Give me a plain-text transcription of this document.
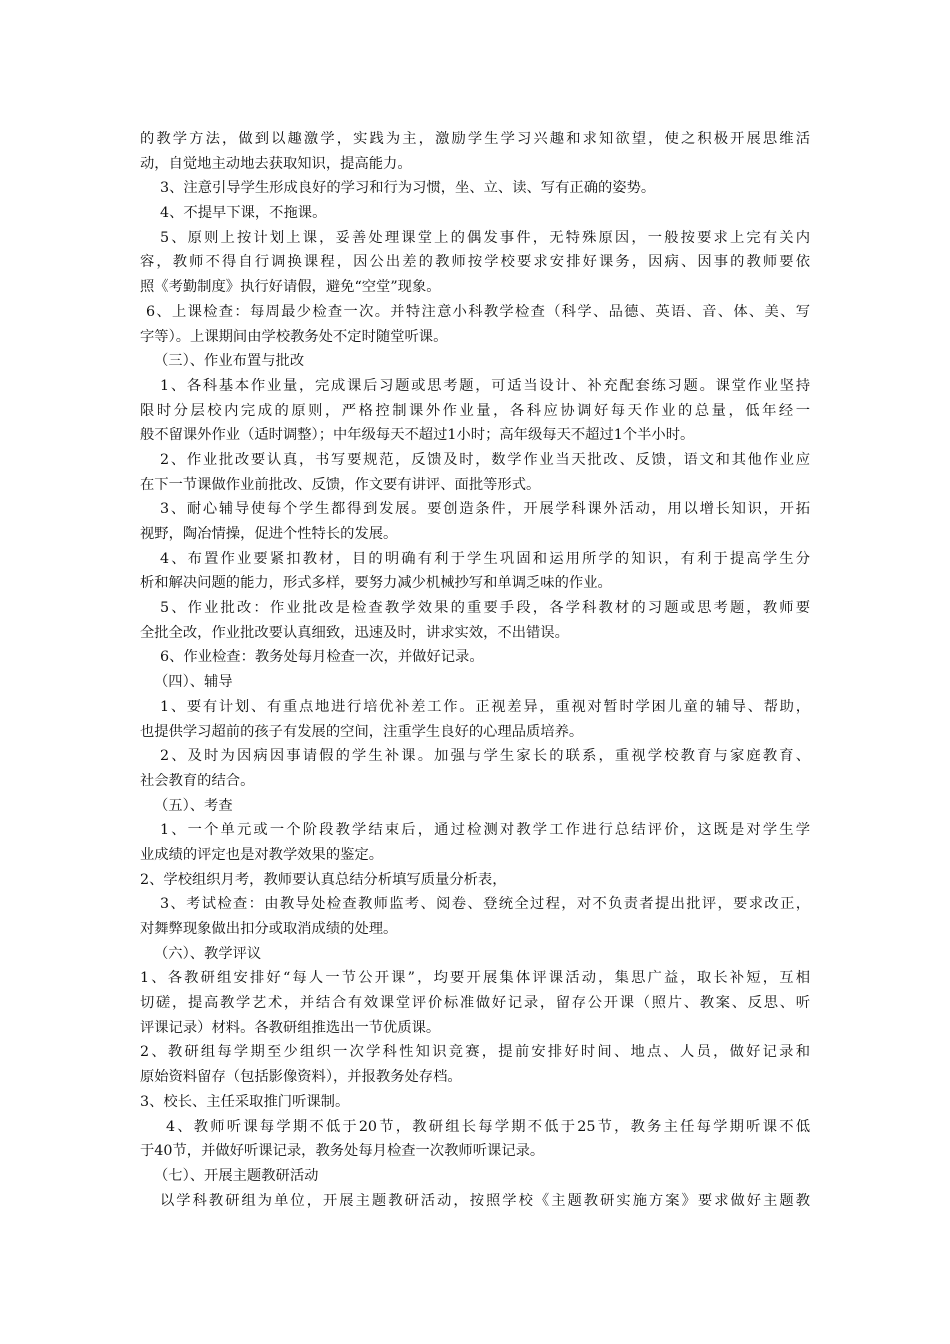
的教学方法，做到以趣激学，实践为主，激励学生学习兴趣和求知欲望，使之积极开展思维活
动，自觉地主动地去获取知识，提高能力。
3、注意引导学生形成良好的学习和行为习惯，坐、立、读、写有正确的姿势。
4、不提早下课，不拖课。
5、原则上按计划上课，妥善处理课堂上的偶发事件，无特殊原因，一般按要求上完有关内
容，教师不得自行调换课程，因公出差的教师按学校要求安排好课务，因病、因事的教师要依
照《考勤制度》执行好请假，避免“空堂”现象。
6、上课检查：每周最少检查一次。并特注意小科教学检查（科学、品德、英语、音、体、美、写
字等）。上课期间由学校教务处不定时随堂听课。
（三）、作业布置与批改
1、各科基本作业量，完成课后习题或思考题，可适当设计、补充配套练习题。课堂作业坚持
限时分层校内完成的原则，严格控制课外作业量，各科应协调好每天作业的总量，低年经一
般不留课外作业（适时调整）；中年级每天不超过1小时；高年级每天不超过1个半小时。
2、作业批改要认真，书写要规范，反馈及时，数学作业当天批改、反馈，语文和其他作业应
在下一节课做作业前批改、反馈，作文要有讲评、面批等形式。
3、耐心辅导使每个学生都得到发展。要创造条件，开展学科课外活动，用以增长知识，开拓
视野，陶冶情操，促进个性特长的发展。
4、布置作业要紧扣教材，目的明确有利于学生巩固和运用所学的知识，有利于提高学生分
析和解决问题的能力，形式多样，要努力减少机械抄写和单调乏味的作业。
5、作业批改：作业批改是检查教学效果的重要手段，各学科教材的习题或思考题，教师要
全批全改，作业批改要认真细致，迅速及时，讲求实效，不出错误。
6、作业检查：教务处每月检查一次，并做好记录。
（四）、辅导
1、要有计划、有重点地进行培优补差工作。正视差异，重视对暂时学困儿童的辅导、帮助，
也提供学习超前的孩子有发展的空间，注重学生良好的心理品质培养。
2、及时为因病因事请假的学生补课。加强与学生家长的联系，重视学校教育与家庭教育、
社会教育的结合。
（五）、考查
1、一个单元或一个阶段教学结束后，通过检测对教学工作进行总结评价，这既是对学生学
业成绩的评定也是对教学效果的鉴定。
2、学校组织月考，教师要认真总结分析填写质量分析表，
3、考试检查：由教导处检查教师监考、阅卷、登统全过程，对不负责者提出批评，要求改正，
对舞弊现象做出扣分或取消成绩的处理。
（六）、教学评议
1、各教研组安排好“每人一节公开课”，均要开展集体评课活动，集思广益，取长补短，互相
切磋，提高教学艺术，并结合有效课堂评价标准做好记录，留存公开课（照片、教案、反思、听
评课记录）材料。各教研组推选出一节优质课。
2、教研组每学期至少组织一次学科性知识竞赛，提前安排好时间、地点、人员，做好记录和
原始资料留存（包括影像资料），并报教务处存档。
3、校长、主任采取推门听课制。
4、教师听课每学期不低于20节，教研组长每学期不低于25节，教务主任每学期听课不低
于40节，并做好听课记录，教务处每月检查一次教师听课记录。
（七）、开展主题教研活动
以学科教研组为单位，开展主题教研活动，按照学校《主题教研实施方案》要求做好主题教
